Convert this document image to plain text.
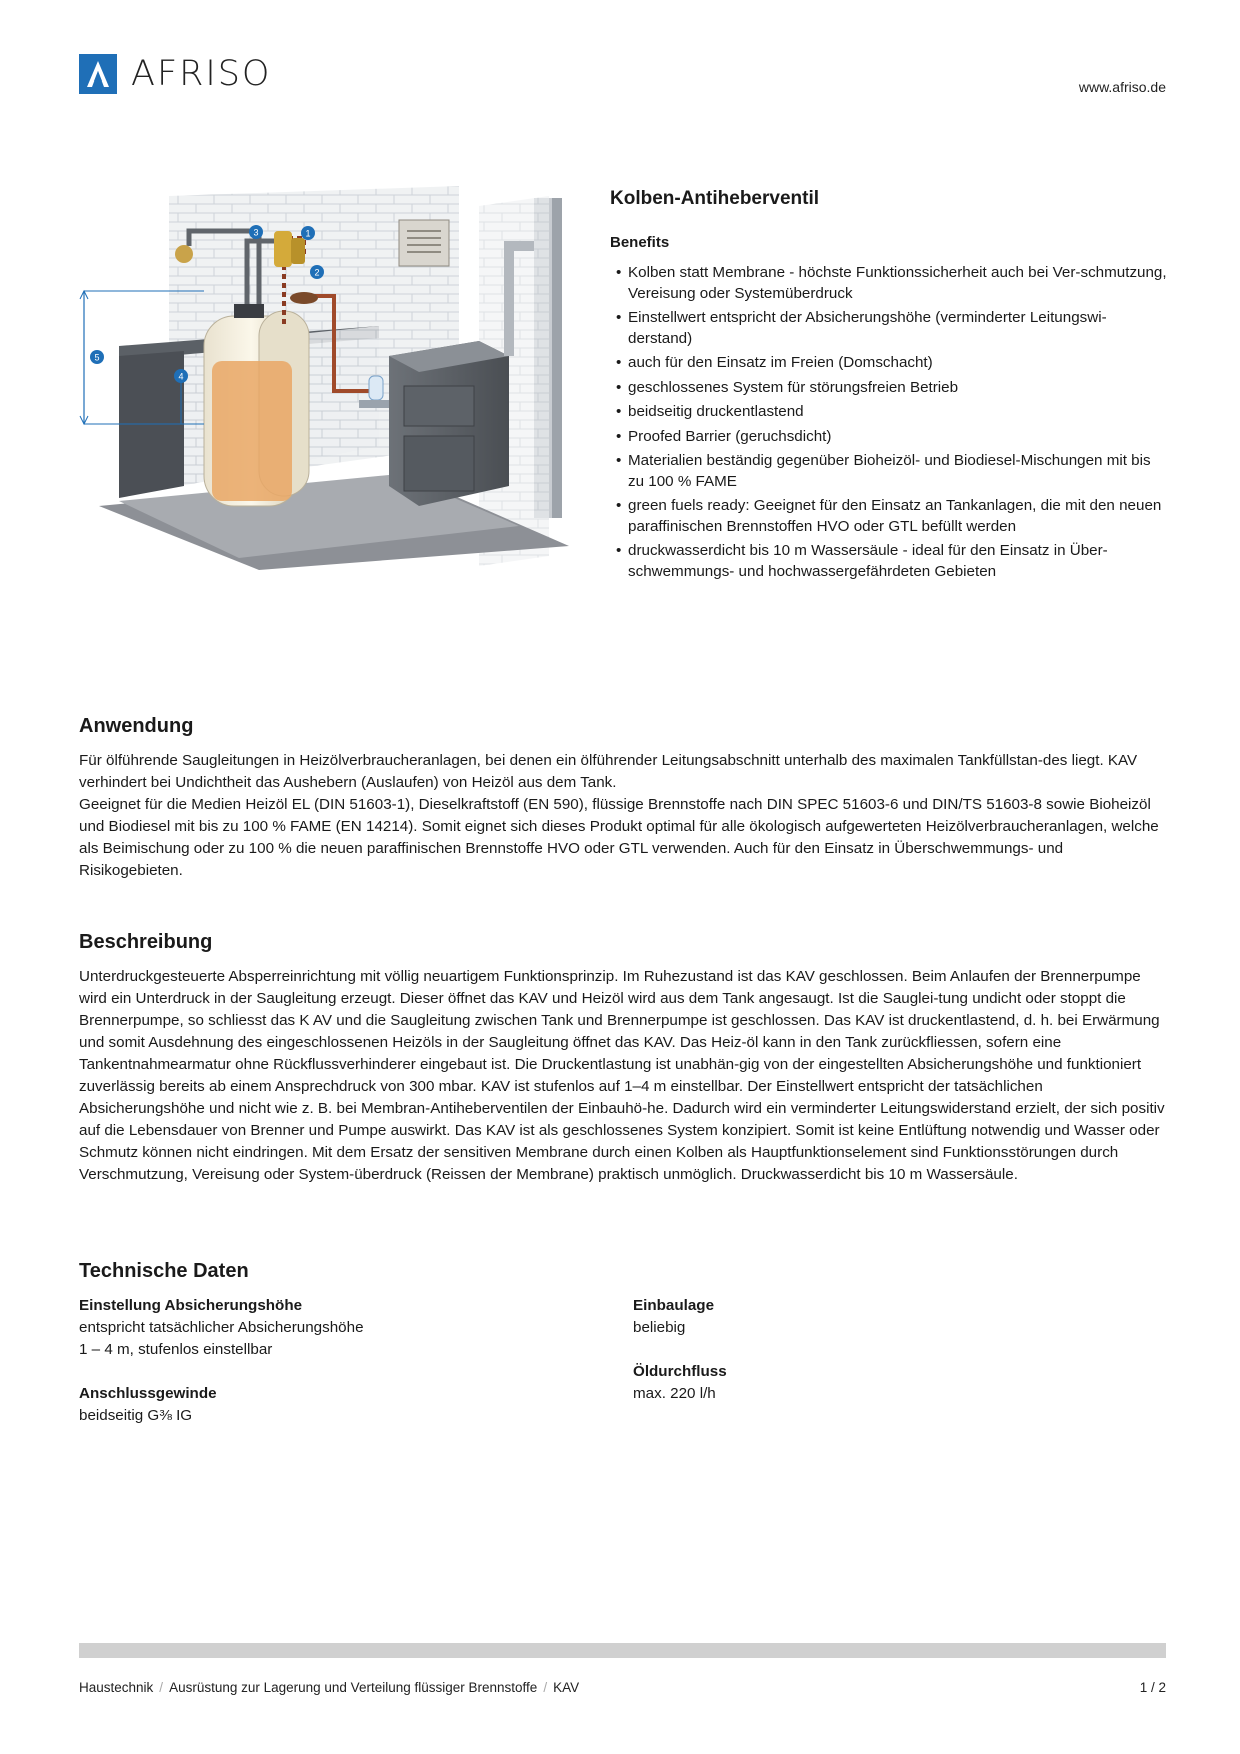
AFRISO	www.afriso.de
1
2
3
4
5
Kolben-Antiheberventil
Benefits
• Kolben statt Membrane - höchste Funktionssicherheit auch bei Ver-schmutzung, Vereisung oder Systemüberdruck
• Einstellwert entspricht der Absicherungshöhe (verminderter Leitungswi-derstand)
• auch für den Einsatz im Freien (Domschacht)
• geschlossenes System für störungsfreien Betrieb
• beidseitig druckentlastend
• Proofed Barrier (geruchsdicht)
• Materialien beständig gegenüber Bioheizöl- und Biodiesel-Mischungen mit bis zu 100 % FAME
• green fuels ready: Geeignet für den Einsatz an Tankanlagen, die mit den neuen paraffinischen Brennstoffen HVO oder GTL befüllt werden
• druckwasserdicht bis 10 m Wassersäule - ideal für den Einsatz in Über-schwemmungs- und hochwassergefährdeten Gebieten
Anwendung

Für ölführende Saugleitungen in Heizölverbraucheranlagen, bei denen ein ölführender Leitungsabschnitt unterhalb des maximalen Tankfüllstan-des liegt. KAV verhindert bei Undichtheit das Aushebern (Auslaufen) von Heizöl aus dem Tank.
Geeignet für die Medien Heizöl EL (DIN 51603-1), Dieselkraftstoff (EN 590), flüssige Brennstoffe nach DIN SPEC 51603-6 und DIN/TS 51603-8 sowie Bioheizöl und Biodiesel mit bis zu 100 % FAME (EN 14214). Somit eignet sich dieses Produkt optimal für alle ökologisch aufgewerteten Heizölverbraucheranlagen, welche als Beimischung oder zu 100 % die neuen paraffinischen Brennstoffe HVO oder GTL verwenden. Auch für den Einsatz in Überschwemmungs- und Risikogebieten.

Beschreibung

Unterdruckgesteuerte Absperreinrichtung mit völlig neuartigem Funktionsprinzip. Im Ruhezustand ist das KAV geschlossen. Beim Anlaufen der Brennerpumpe wird ein Unterdruck in der Saugleitung erzeugt. Dieser öffnet das KAV und Heizöl wird aus dem Tank angesaugt. Ist die Sauglei-tung undicht oder stoppt die Brennerpumpe, so schliesst das K AV und die Saugleitung zwischen Tank und Brennerpumpe ist geschlossen. Das KAV ist druckentlastend, d. h. bei Erwärmung und somit Ausdehnung des eingeschlossenen Heizöls in der Saugleitung öffnet das KAV. Das Heiz-öl kann in den Tank zurückfliessen, sofern eine Tankentnahmearmatur ohne Rückflussverhinderer eingebaut ist. Die Druckentlastung ist unabhän-gig von der eingestellten Absicherungshöhe und funktioniert zuverlässig bereits ab einem Ansprechdruck von 300 mbar. KAV ist stufenlos auf 1–4 m einstellbar. Der Einstellwert entspricht der tatsächlichen Absicherungshöhe und nicht wie z. B. bei Membran-Antiheberventilen der Einbauhö-he. Dadurch wird ein verminderter Leitungswiderstand erzielt, der sich positiv auf die Lebensdauer von Brenner und Pumpe auswirkt. Das KAV ist als geschlossenes System konzipiert. Somit ist keine Entlüftung notwendig und Wasser oder Schmutz können nicht eindringen. Mit dem Ersatz der sensitiven Membrane durch einen Kolben als Hauptfunktionselement sind Funktionsstörungen durch Verschmutzung, Vereisung oder System-überdruck (Reissen der Membrane) praktisch unmöglich. Druckwasserdicht bis 10 m Wassersäule.

Technische Daten
Einstellung Absicherungshöhe
entspricht tatsächlicher Absicherungshöhe
1 – 4 m, stufenlos einstellbar
Anschlussgewinde
beidseitig G⅜ IG
Einbaulage
beliebig
Öldurchfluss
max. 220 l/h
Haustechnik / Ausrüstung zur Lagerung und Verteilung flüssiger Brennstoffe / KAV	1 / 2
